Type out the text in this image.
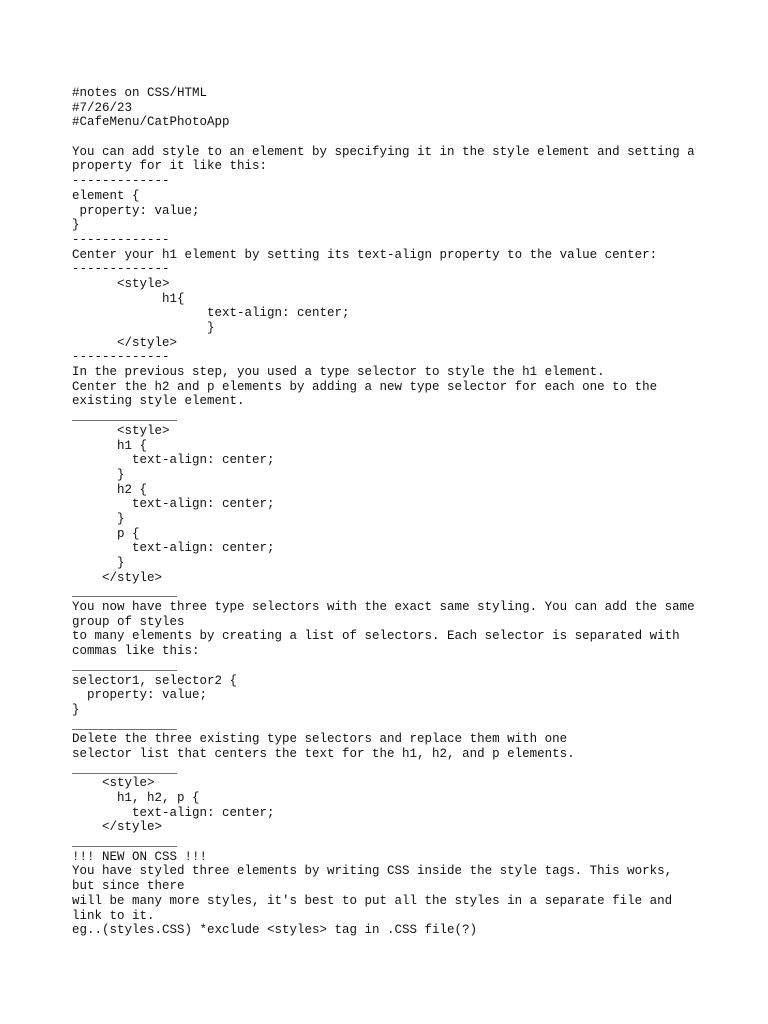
#notes on CSS/HTML
#7/26/23
#CafeMenu/CatPhotoApp
You can add style to an element by specifying it in the style element and setting a
property for it like this:
-------------
element {
property: value;
}
-------------
Center your h1 element by setting its text-align property to the value center:
-------------
<style>
h1{
text-align: center;
}
</style>
-------------
In the previous step, you used a type selector to style the h1 element.
Center the h2 and p elements by adding a new type selector for each one to the
existing style element.
______________
<style>
h1 {
text-align: center;
}
h2 {
text-align: center;
}
p {
text-align: center;
}
</style>
______________
You now have three type selectors with the exact same styling. You can add the same
group of styles
to many elements by creating a list of selectors. Each selector is separated with
commas like this:
______________
selector1, selector2 {
property: value;
}
______________
Delete the three existing type selectors and replace them with one
selector list that centers the text for the h1, h2, and p elements.
______________
<style>
h1, h2, p {
text-align: center;
</style>
______________
!!! NEW ON CSS !!!
You have styled three elements by writing CSS inside the style tags. This works,
but since there
will be many more styles, it's best to put all the styles in a separate file and
link to it.
eg..(styles.CSS) *exclude <styles> tag in .CSS file(?)
